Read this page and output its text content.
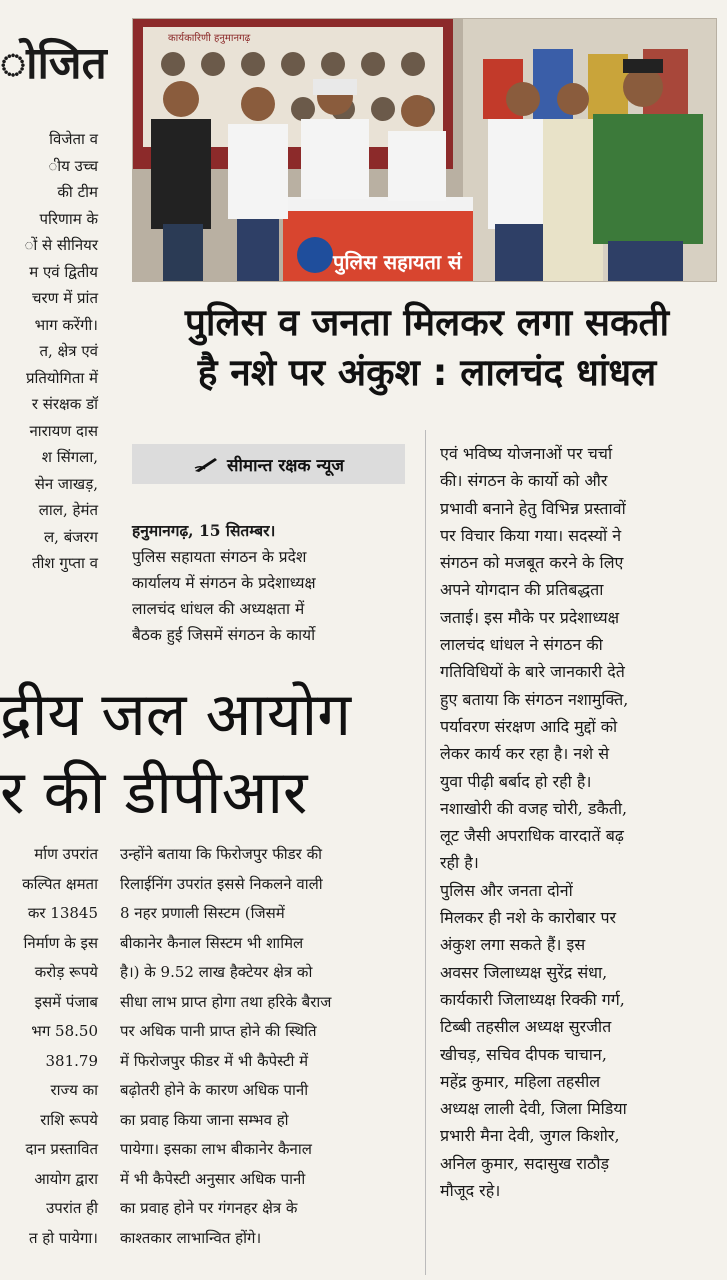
ोजित
विजेता व
ीय उच्च
की टीम
परिणाम के
ों से सीनियर
म एवं द्वितीय
चरण में प्रांत
भाग करेंगी।
त, क्षेत्र एवं
प्रतियोगिता में
र संरक्षक डॉ
नारायण दास
श सिंगला,
सेन जाखड़,
लाल, हेमंत
ल, बंजरग
तीश गुप्ता व
पुलिस सहायता सं
कार्यकारिणी हनुमानगढ़
पुलिस व जनता मिलकर लगा सकती
है नशे पर अंकुश : लालचंद धांधल
सीमान्त रक्षक न्यूज
हनुमानगढ़, 15 सितम्बर।
पुलिस सहायता संगठन के प्रदेश
कार्यालय में संगठन के प्रदेशाध्यक्ष
लालचंद धांधल की अध्यक्षता में
बैठक हुई जिसमें संगठन के कार्यो
एवं भविष्य योजनाओं पर चर्चा
की। संगठन के कार्यो को और
प्रभावी बनाने हेतु विभिन्न प्रस्तावों
पर विचार किया गया। सदस्यों ने
संगठन को मजबूत करने के लिए
अपने योगदान की प्रतिबद्धता
जताई। इस मौके पर प्रदेशाध्यक्ष
लालचंद धांधल ने संगठन की
गतिविधियों के बारे जानकारी देते
हुए बताया कि संगठन नशामुक्ति,
पर्यावरण संरक्षण आदि मुद्दों को
लेकर कार्य कर रहा है। नशे से
युवा पीढ़ी बर्बाद हो रही है।
नशाखोरी की वजह चोरी, डकैती,
लूट जैसी अपराधिक वारदातें बढ़
रही है।
पुलिस और जनता दोनों
मिलकर ही नशे के कारोबार पर
अंकुश लगा सकते हैं। इस
अवसर जिलाध्यक्ष सुरेंद्र संधा,
कार्यकारी जिलाध्यक्ष रिक्की गर्ग,
टिब्बी तहसील अध्यक्ष सुरजीत
खीचड़, सचिव दीपक चाचान,
महेंद्र कुमार, महिला तहसील
अध्यक्ष लाली देवी, जिला मिडिया
प्रभारी मैना देवी, जुगल किशोर,
अनिल कुमार, सदासुख राठौड़
मौजूद रहे।
द्रीय जल आयोग
र की डीपीआर
र्माण उपरांत
कल्पित क्षमता
कर 13845
निर्माण के इस
करोड़ रूपये
इसमें पंजाब
भग 58.50
381.79
राज्य का
राशि रूपये
दान प्रस्तावित
आयोग द्वारा
उपरांत ही
त हो पायेगा।
उन्होंने बताया कि फिरोजपुर फीडर की
रिलाईनिंग उपरांत इससे निकलने वाली
8 नहर प्रणाली सिस्टम (जिसमें
बीकानेर कैनाल सिस्टम भी शामिल
है।) के 9.52 लाख हैक्टेयर क्षेत्र को
सीधा लाभ प्राप्त होगा तथा हरिके बैराज
पर अधिक पानी प्राप्त होने की स्थिति
में फिरोजपुर फीडर में भी कैपेस्टी में
बढ़ोतरी होने के कारण अधिक पानी
का प्रवाह किया जाना सम्भव हो
पायेगा। इसका लाभ बीकानेर कैनाल
में भी कैपेस्टी अनुसार अधिक पानी
का प्रवाह होने पर गंगनहर क्षेत्र के
काश्तकार लाभान्वित होंगे।
